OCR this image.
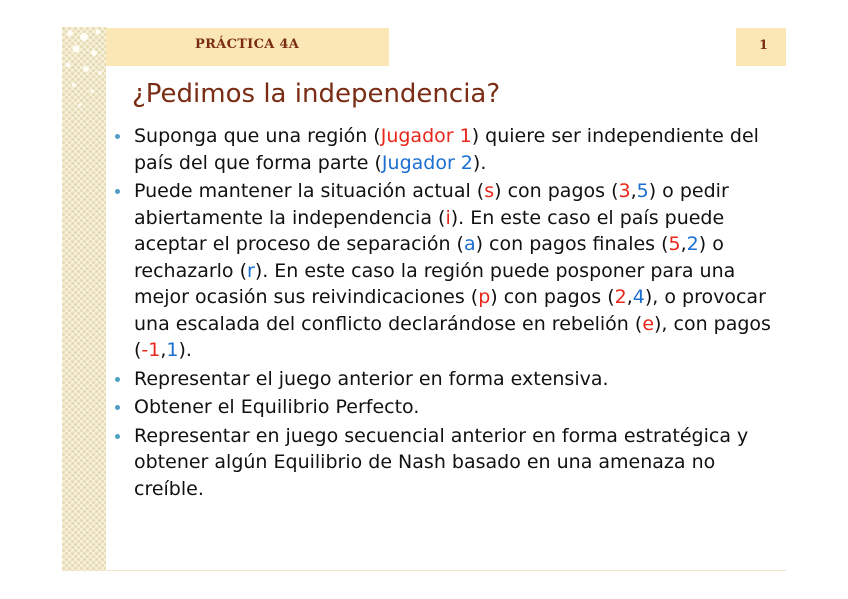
PRÁCTICA 4A	1
¿Pedimos la independencia?
Suponga que una región (Jugador 1) quiere ser independiente del país del que forma parte (Jugador 2).
Puede mantener la situación actual (s) con pagos (3,5) o pedir abiertamente la independencia (i). En este caso el país puede aceptar el proceso de separación (a) con pagos finales (5,2) o rechazarlo (r). En este caso la región puede posponer para una mejor ocasión sus reivindicaciones (p) con pagos (2,4), o provocar una escalada del conflicto declarándose en rebelión (e), con pagos (-1,1).
Representar el juego anterior en forma extensiva.
Obtener el Equilibrio Perfecto.
Representar en juego secuencial anterior en forma estratégica y obtener algún Equilibrio de Nash basado en una amenaza no creíble.
